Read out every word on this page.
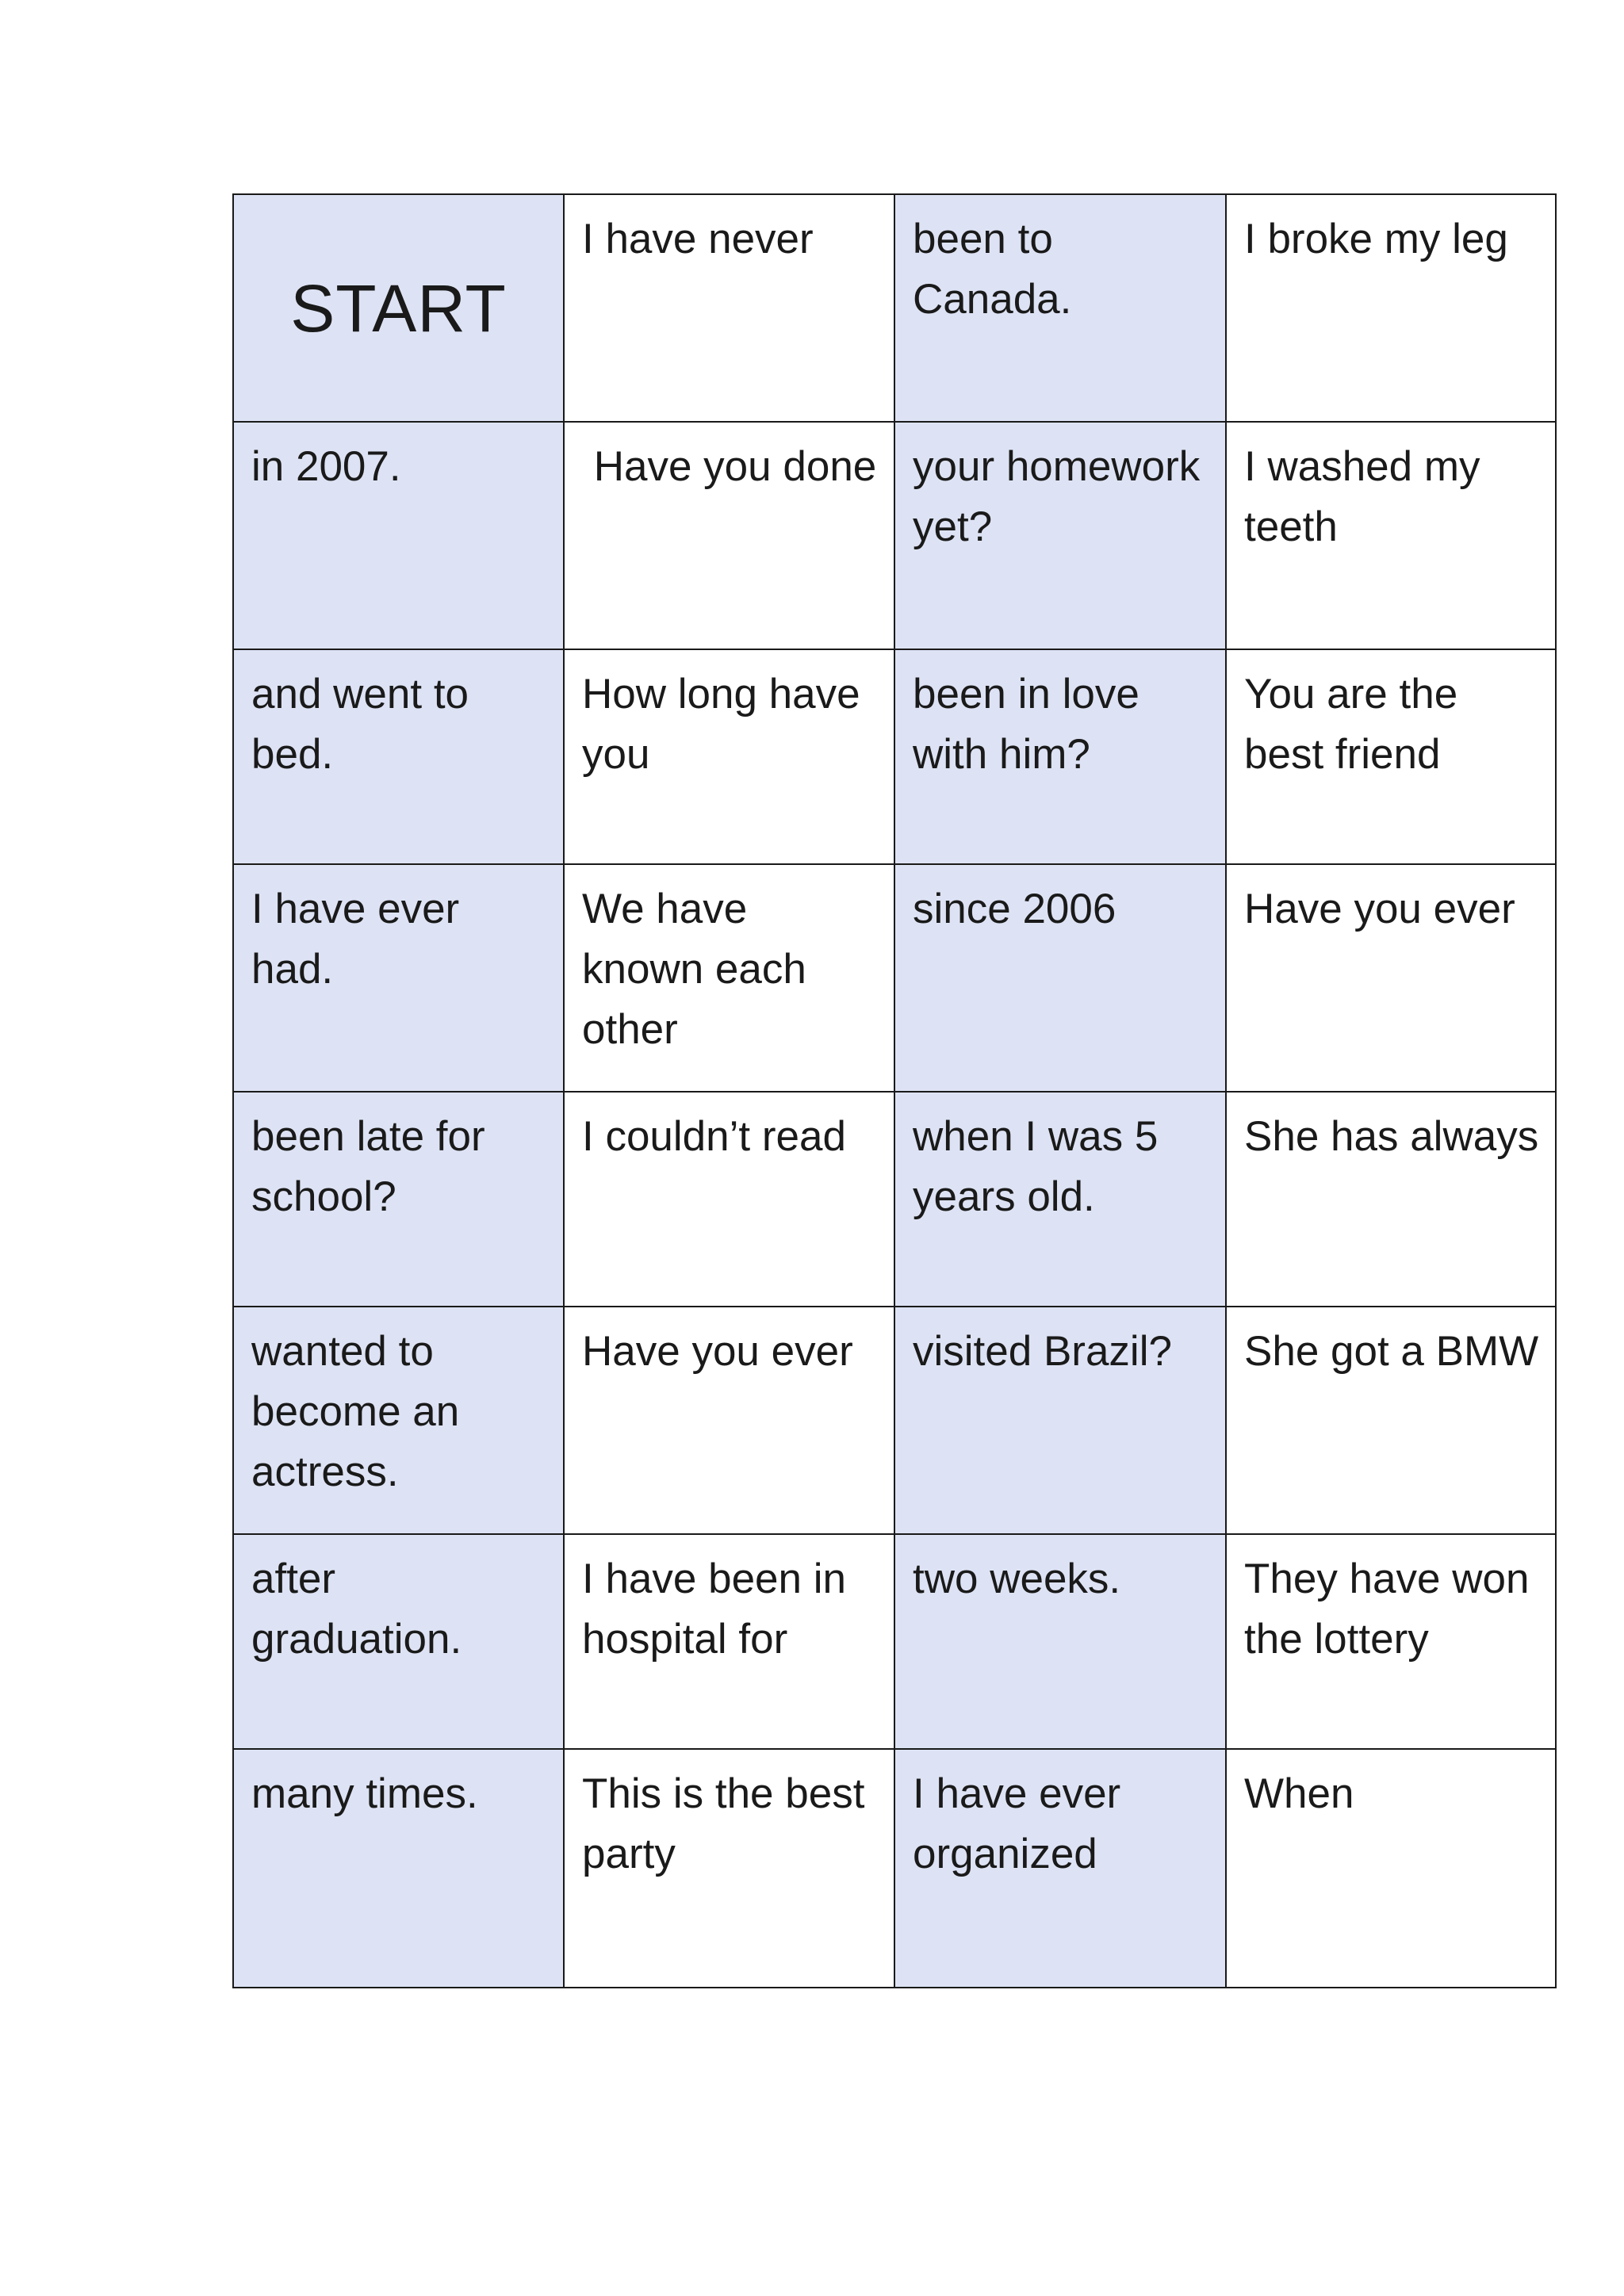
START	I have never	been to Canada.	I broke my leg

in 2007.	Have you done	your homework yet?	I washed my teeth

and went to bed.	How long have you	been in love with him?	You are the best friend

I have ever had.	We have known each other	since 2006	Have you ever

been late for school?	I couldn’t read	when I was 5 years old.	She has always

wanted to become an actress.	Have you ever	visited Brazil?	She got a BMW

after graduation.	I have been in hospital for	two weeks.	They have won the lottery

many times.	This is the best party	I have ever organized	When
